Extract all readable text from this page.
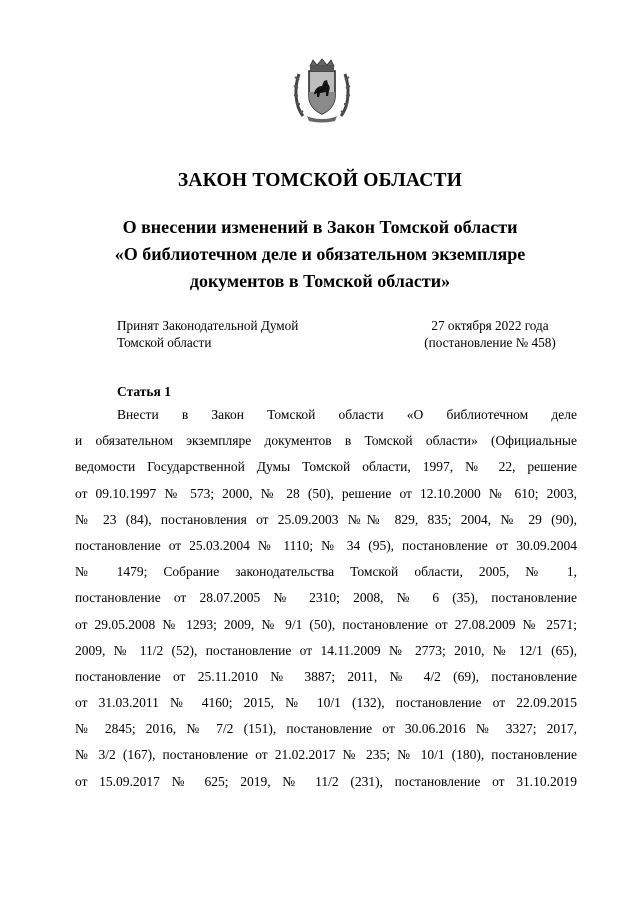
ЗАКОН ТОМСКОЙ ОБЛАСТИ
О внесении изменений в Закон Томской области
«О библиотечном деле и обязательном экземпляре
документов в Томской области»
Принят Законодательной Думой
Томской области
27 октября 2022 года
(постановление № 458)
Статья 1
Внести в Закон Томской области «О библиотечном деле
и обязательном экземпляре документов в Томской области» (Официальные
ведомости Государственной Думы Томской области, 1997, № 22, решение
от 09.10.1997 № 573; 2000, № 28 (50), решение от 12.10.2000 № 610; 2003,
№ 23 (84), постановления от 25.09.2003 №№ 829, 835; 2004, № 29 (90),
постановление от 25.03.2004 № 1110; № 34 (95), постановление от 30.09.2004
№ 1479; Собрание законодательства Томской области, 2005, № 1,
постановление от 28.07.2005 № 2310; 2008, № 6 (35), постановление
от 29.05.2008 № 1293; 2009, № 9/1 (50), постановление от 27.08.2009 № 2571;
2009, № 11/2 (52), постановление от 14.11.2009 № 2773; 2010, № 12/1 (65),
постановление от 25.11.2010 № 3887; 2011, № 4/2 (69), постановление
от 31.03.2011 № 4160; 2015, № 10/1 (132), постановление от 22.09.2015
№ 2845; 2016, № 7/2 (151), постановление от 30.06.2016 № 3327; 2017,
№ 3/2 (167), постановление от 21.02.2017 № 235; № 10/1 (180), постановление
от 15.09.2017 № 625; 2019, № 11/2 (231), постановление от 31.10.2019
